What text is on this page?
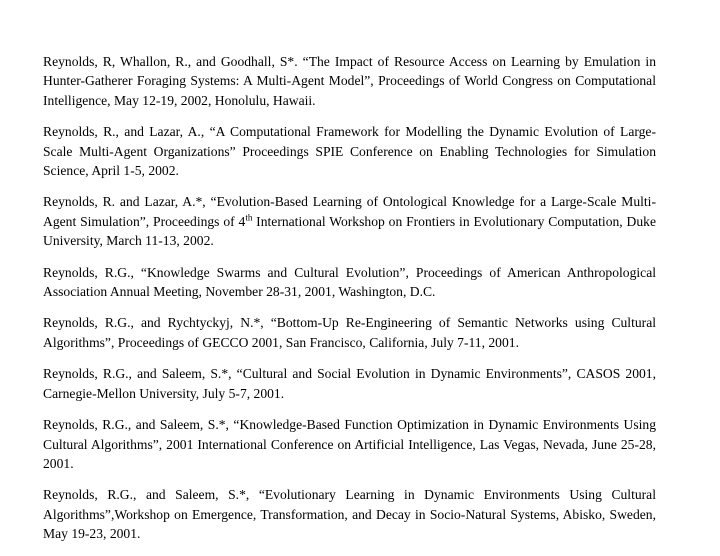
Reynolds, R, Whallon, R., and Goodhall, S*. “The Impact of Resource Access on Learning by Emulation in Hunter-Gatherer Foraging Systems: A Multi-Agent Model”, Proceedings of World Congress on Computational Intelligence, May 12-19, 2002, Honolulu, Hawaii.

Reynolds, R., and Lazar, A., “A Computational Framework for Modelling the Dynamic Evolution of Large-Scale Multi-Agent Organizations” Proceedings SPIE Conference on Enabling Technologies for Simulation Science, April 1-5, 2002.

Reynolds, R. and Lazar, A.*, “Evolution-Based Learning of Ontological Knowledge for a Large-Scale Multi-Agent Simulation”, Proceedings of 4th International Workshop on Frontiers in Evolutionary Computation, Duke University, March 11-13, 2002.

Reynolds, R.G., “Knowledge Swarms and Cultural Evolution”, Proceedings of American Anthropological Association Annual Meeting, November 28-31, 2001, Washington, D.C.

Reynolds, R.G., and Rychtyckyj, N.*, “Bottom-Up Re-Engineering of Semantic Networks using Cultural Algorithms”, Proceedings of GECCO 2001, San Francisco, California, July 7-11, 2001.

Reynolds, R.G., and Saleem, S.*, “Cultural and Social Evolution in Dynamic Environments”, CASOS 2001, Carnegie-Mellon University, July 5-7, 2001.

Reynolds, R.G., and Saleem, S.*, “Knowledge-Based Function Optimization in Dynamic Environments Using Cultural Algorithms”, 2001 International Conference on Artificial Intelligence, Las Vegas, Nevada, June 25-28, 2001.

Reynolds, R.G., and Saleem, S.*, “Evolutionary Learning in Dynamic Environments Using Cultural Algorithms”,Workshop on Emergence, Transformation, and Decay in Socio-Natural Systems, Abisko, Sweden, May 19-23, 2001.
